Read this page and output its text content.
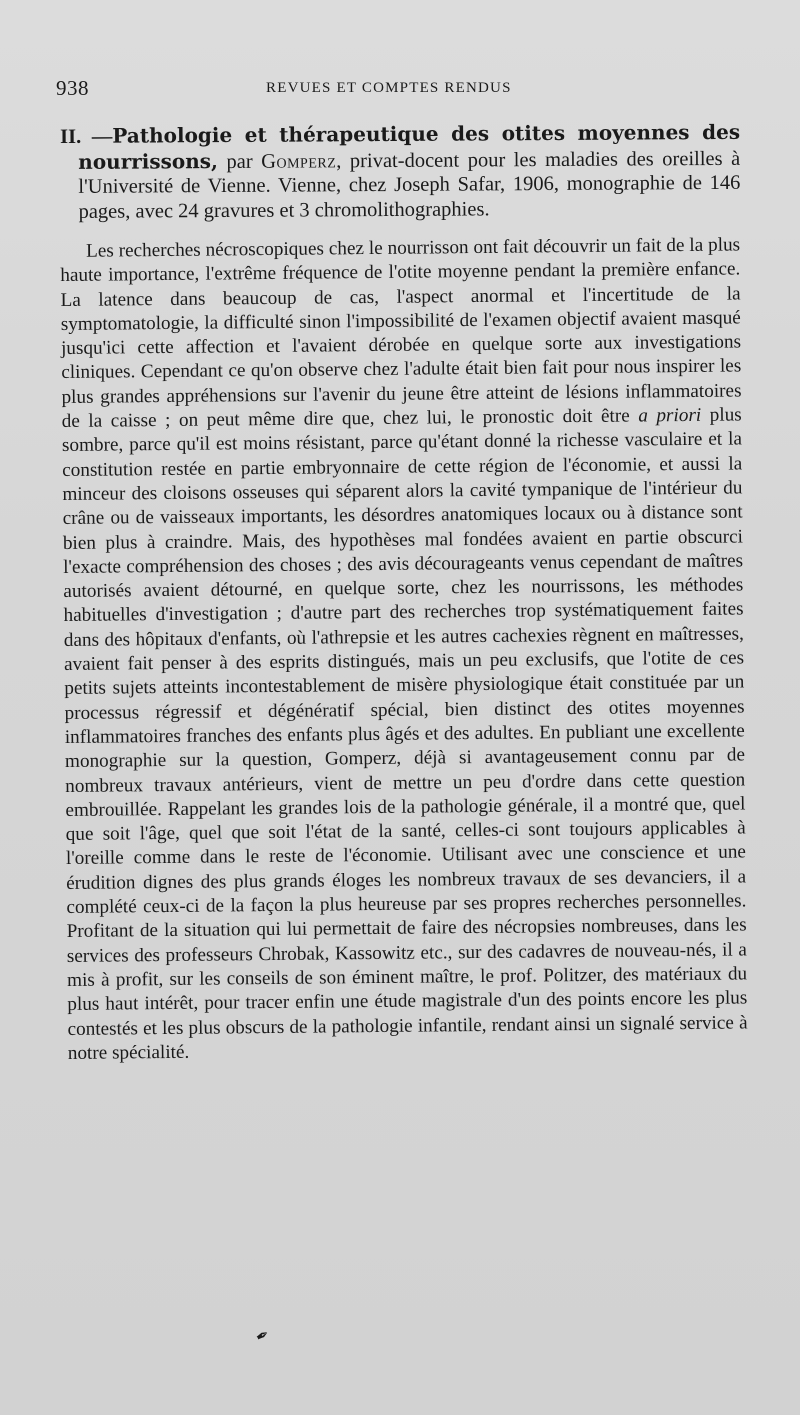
938	REVUES ET COMPTES RENDUS

II. —Pathologie et thérapeutique des otites moyennes des nourrissons, par Gomperz, privat-docent pour les maladies des oreilles à l'Université de Vienne. Vienne, chez Joseph Safar, 1906, monographie de 146 pages, avec 24 gravures et 3 chromolithographies.

Les recherches nécroscopiques chez le nourrisson ont fait découvrir un fait de la plus haute importance, l'extrême fréquence de l'otite moyenne pendant la première enfance. La latence dans beaucoup de cas, l'aspect anormal et l'incertitude de la symptomatologie, la difficulté sinon l'impossibilité de l'examen objectif avaient masqué jusqu'ici cette affection et l'avaient dérobée en quelque sorte aux investigations cliniques. Cependant ce qu'on observe chez l'adulte était bien fait pour nous inspirer les plus grandes appréhensions sur l'avenir du jeune être atteint de lésions inflammatoires de la caisse ; on peut même dire que, chez lui, le pronostic doit être a priori plus sombre, parce qu'il est moins résistant, parce qu'étant donné la richesse vasculaire et la constitution restée en partie embryonnaire de cette région de l'économie, et aussi la minceur des cloisons osseuses qui séparent alors la cavité tympanique de l'intérieur du crâne ou de vaisseaux importants, les désordres anatomiques locaux ou à distance sont bien plus à craindre. Mais, des hypothèses mal fondées avaient en partie obscurci l'exacte compréhension des choses ; des avis décourageants venus cependant de maîtres autorisés avaient détourné, en quelque sorte, chez les nourrissons, les méthodes habituelles d'investigation ; d'autre part des recherches trop systématiquement faites dans des hôpitaux d'enfants, où l'athrepsie et les autres cachexies règnent en maîtresses, avaient fait penser à des esprits distingués, mais un peu exclusifs, que l'otite de ces petits sujets atteints incontestablement de misère physiologique était constituée par un processus régressif et dégénératif spécial, bien distinct des otites moyennes inflammatoires franches des enfants plus âgés et des adultes. En publiant une excellente monographie sur la question, Gomperz, déjà si avantageusement connu par de nombreux travaux antérieurs, vient de mettre un peu d'ordre dans cette question embrouillée. Rappelant les grandes lois de la pathologie générale, il a montré que, quel que soit l'âge, quel que soit l'état de la santé, celles-ci sont toujours applicables à l'oreille comme dans le reste de l'économie. Utilisant avec une conscience et une érudition dignes des plus grands éloges les nombreux travaux de ses devanciers, il a complété ceux-ci de la façon la plus heureuse par ses propres recherches personnelles. Profitant de la situation qui lui permettait de faire des nécropsies nombreuses, dans les services des professeurs Chrobak, Kassowitz etc., sur des cadavres de nouveau-nés, il a mis à profit, sur les conseils de son éminent maître, le prof. Politzer, des matériaux du plus haut intérêt, pour tracer enfin une étude magistrale d'un des points encore les plus contestés et les plus obscurs de la pathologie infantile, rendant ainsi un signalé service à notre spécialité.

✒
